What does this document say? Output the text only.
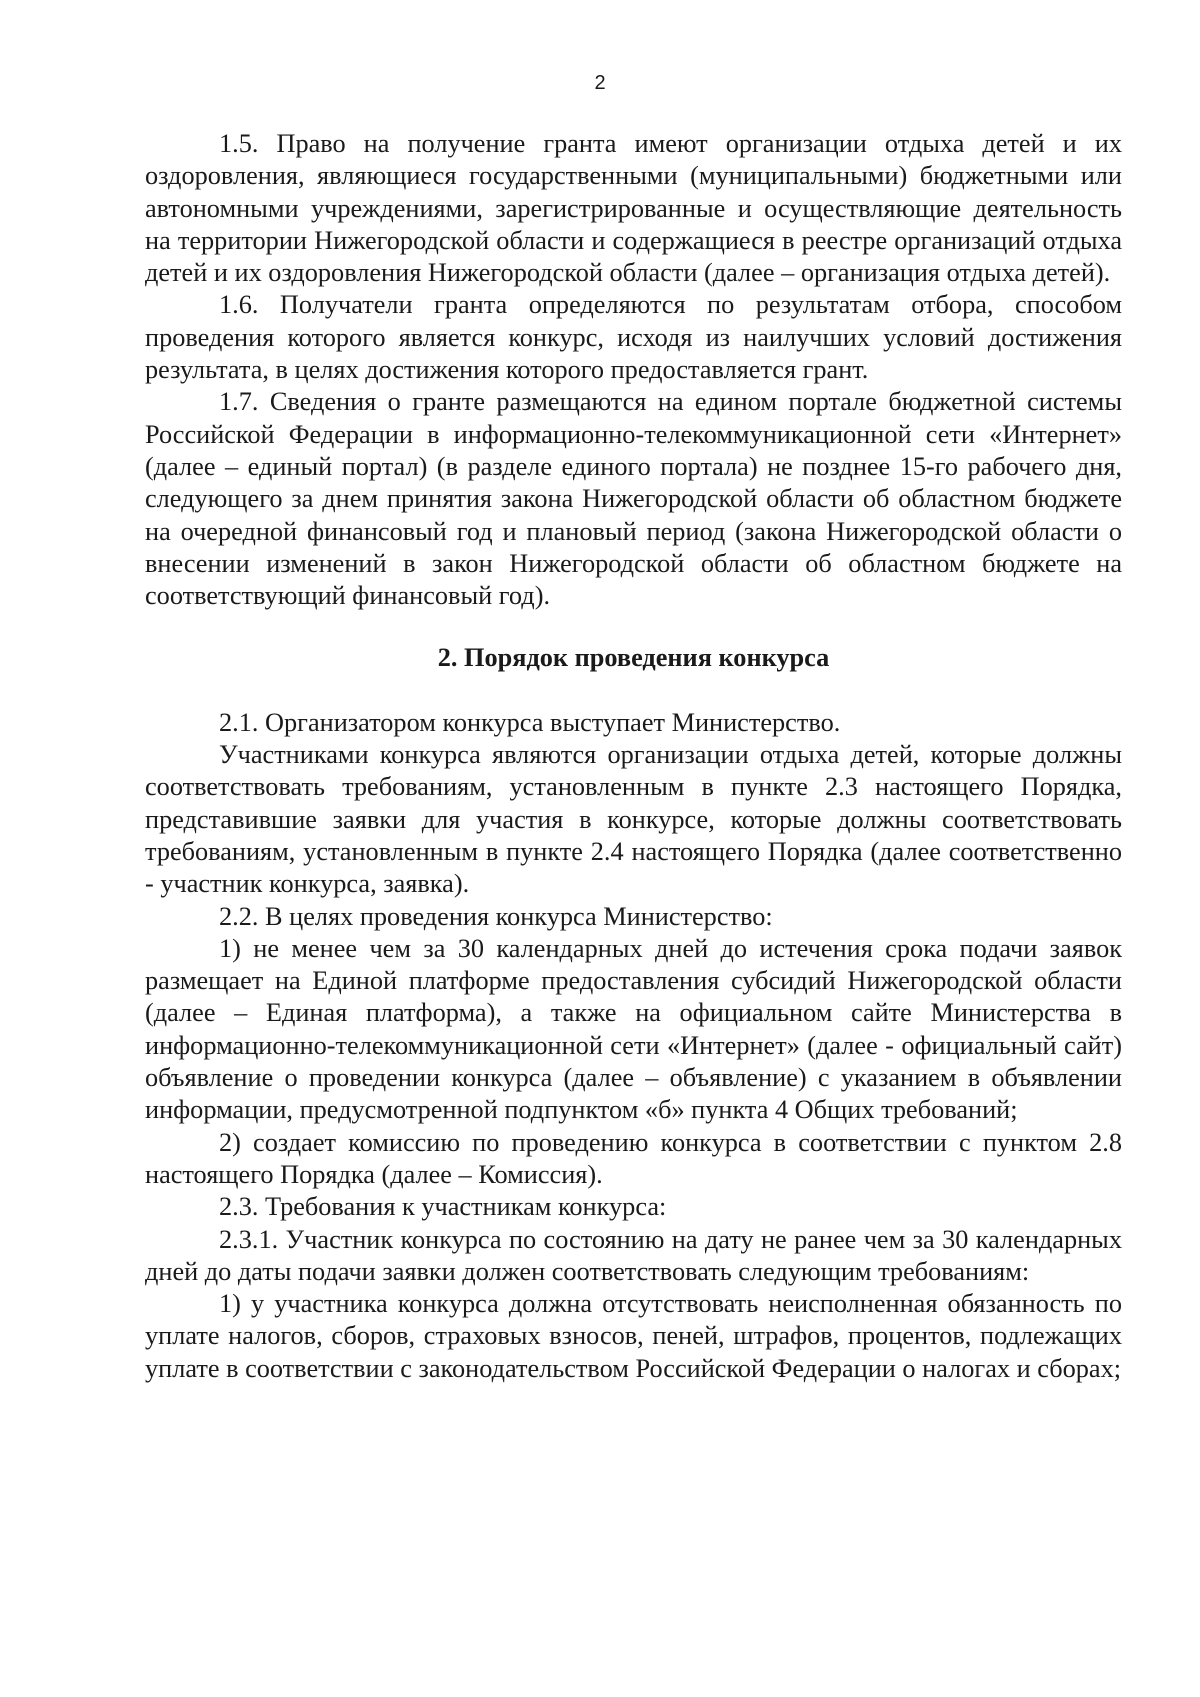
2

1.5. Право на получение гранта имеют организации отдыха детей и их оздоровления, являющиеся государственными (муниципальными) бюджетными или автономными учреждениями, зарегистрированные и осуществляющие деятельность на территории Нижегородской области и содержащиеся в реестре организаций отдыха детей и их оздоровления Нижегородской области (далее – организация отдыха детей).

1.6. Получатели гранта определяются по результатам отбора, способом проведения которого является конкурс, исходя из наилучших условий достижения результата, в целях достижения которого предоставляется грант.

1.7. Сведения о гранте размещаются на едином портале бюджетной системы Российской Федерации в информационно-телекоммуникационной сети «Интернет» (далее – единый портал) (в разделе единого портала) не позднее 15-го рабочего дня, следующего за днем принятия закона Нижегородской области об областном бюджете на очередной финансовый год и плановый период (закона Нижегородской области о внесении изменений в закон Нижегородской области об областном бюджете на соответствующий финансовый год).

2. Порядок проведения конкурса

2.1. Организатором конкурса выступает Министерство.

Участниками конкурса являются организации отдыха детей, которые должны соответствовать требованиям, установленным в пункте 2.3 настоящего Порядка, представившие заявки для участия в конкурсе, которые должны соответствовать требованиям, установленным в пункте 2.4 настоящего Порядка (далее соответственно - участник конкурса, заявка).

2.2. В целях проведения конкурса Министерство:

1) не менее чем за 30 календарных дней до истечения срока подачи заявок размещает на Единой платформе предоставления субсидий Нижегородской области (далее – Единая платформа), а также на официальном сайте Министерства в информационно-телекоммуникационной сети «Интернет» (далее - официальный сайт) объявление о проведении конкурса (далее – объявление) с указанием в объявлении информации, предусмотренной подпунктом «б» пункта 4 Общих требований;

2) создает комиссию по проведению конкурса в соответствии с пунктом 2.8 настоящего Порядка (далее – Комиссия).

2.3. Требования к участникам конкурса:

2.3.1. Участник конкурса по состоянию на дату не ранее чем за 30 календарных дней до даты подачи заявки должен соответствовать следующим требованиям:

1) у участника конкурса должна отсутствовать неисполненная обязанность по уплате налогов, сборов, страховых взносов, пеней, штрафов, процентов, подлежащих уплате в соответствии с законодательством Российской Федерации о налогах и сборах;
